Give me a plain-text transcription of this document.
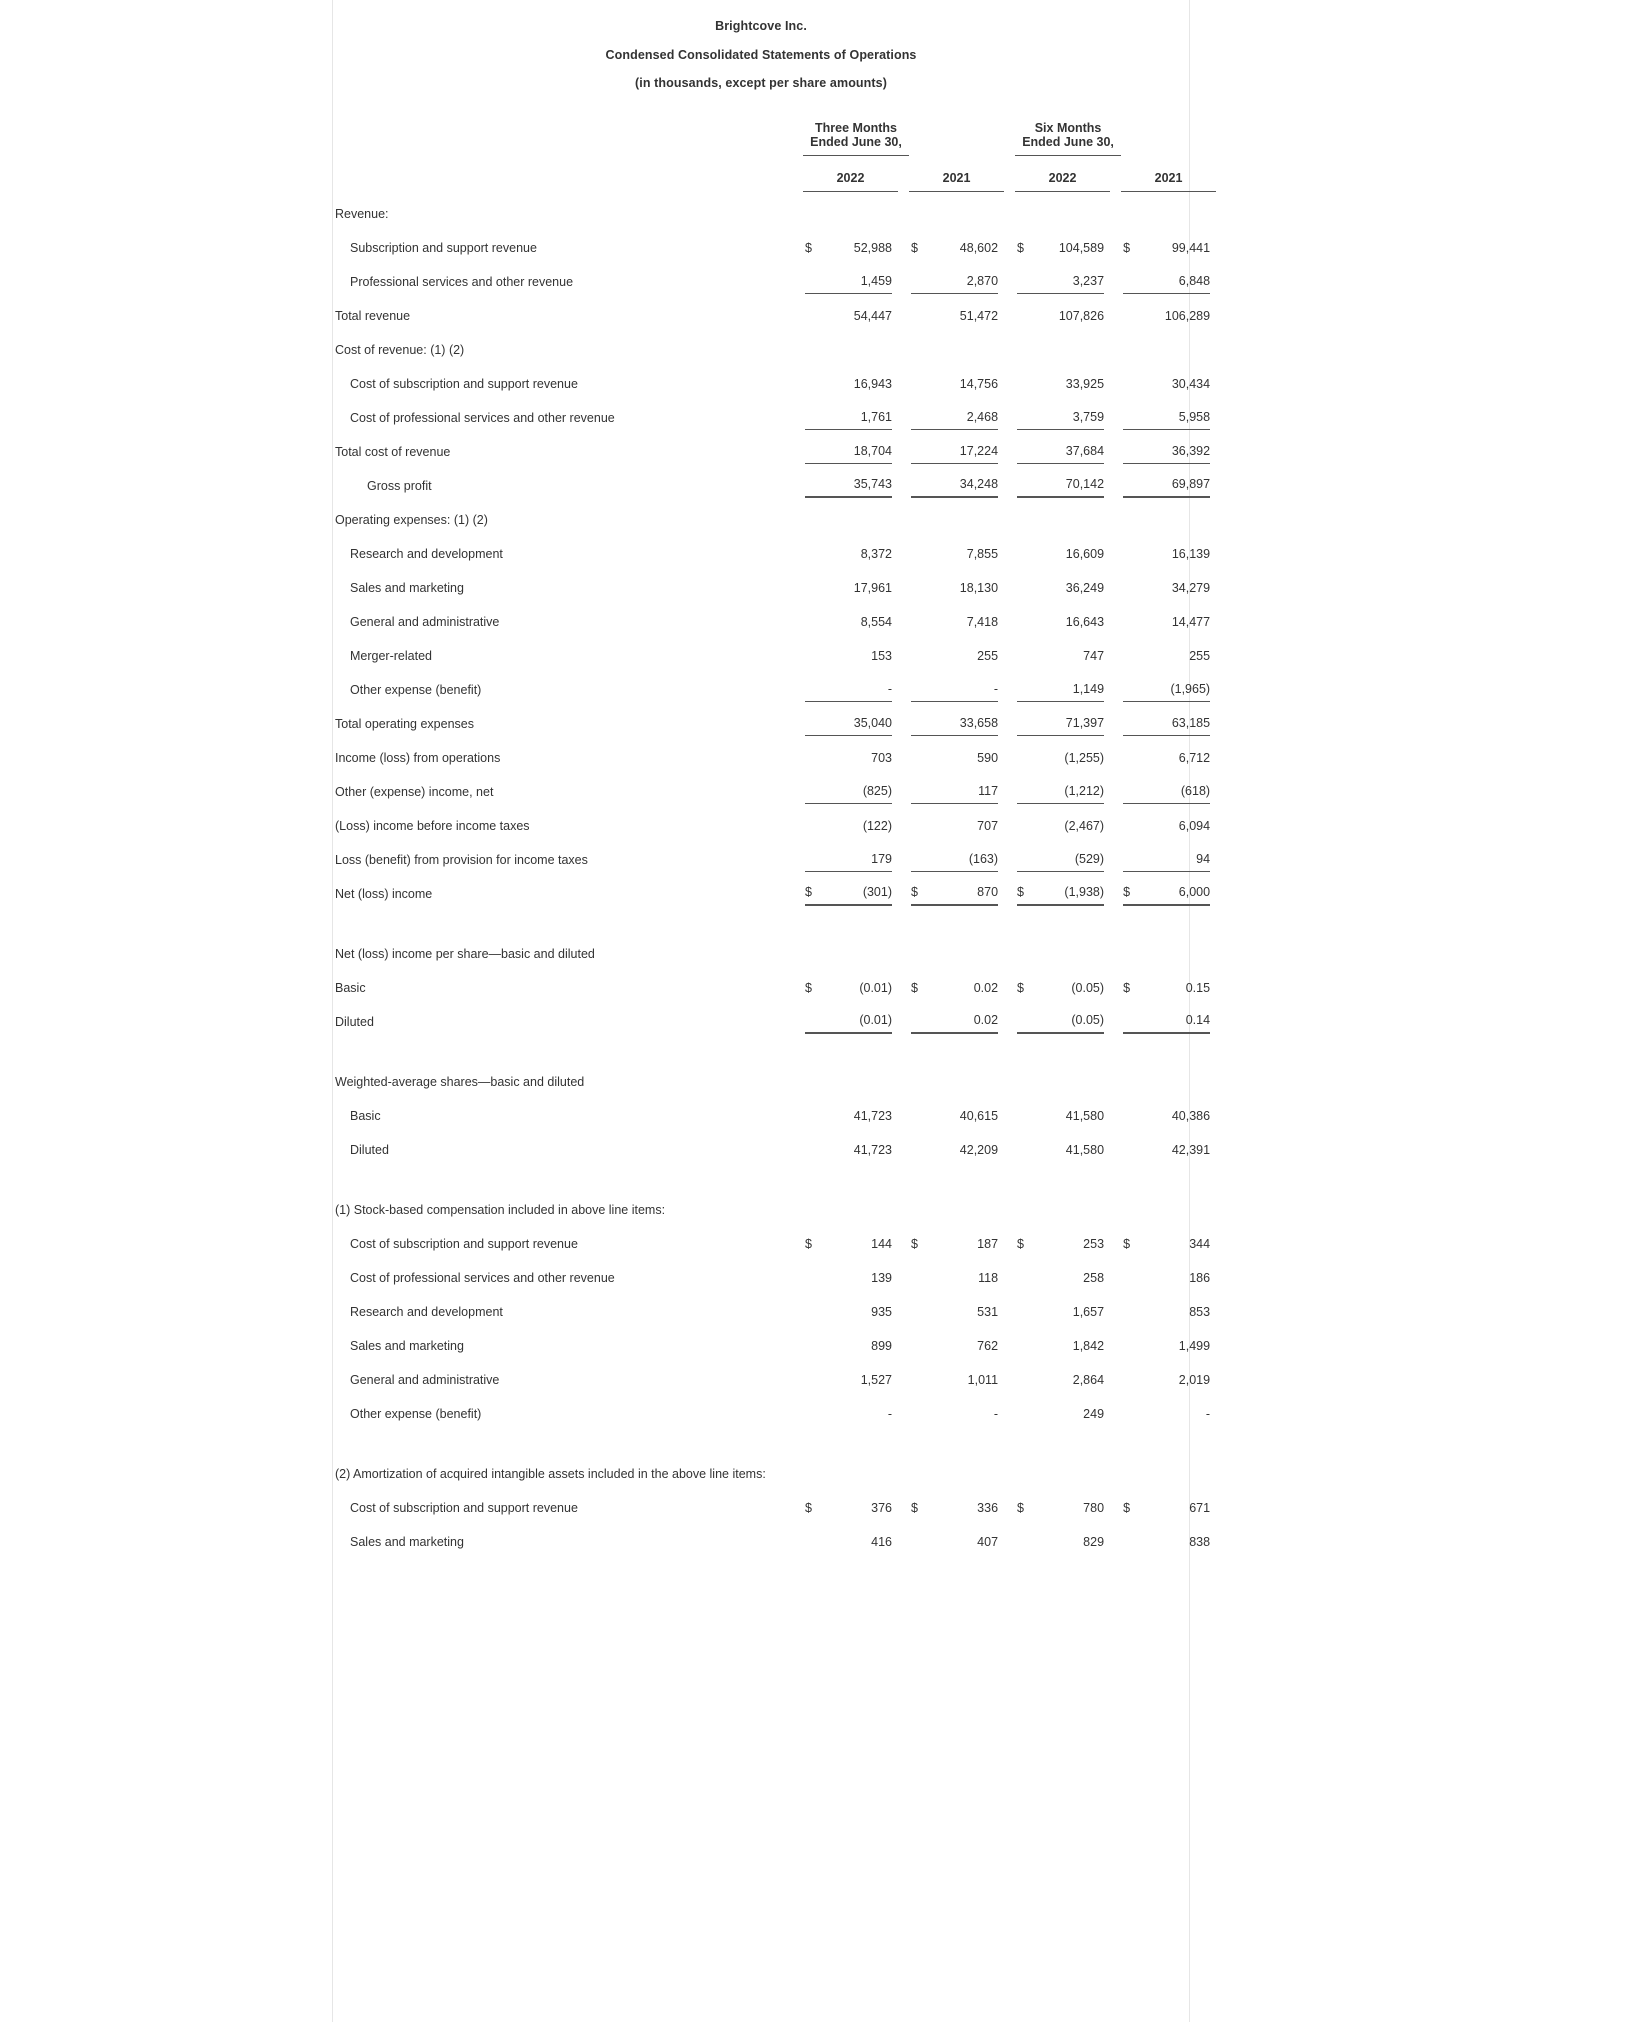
Brightcove Inc.
Condensed Consolidated Statements of Operations
(in thousands, except per share amounts)
	Three Months Ended June 30,						Six Months Ended June 30,				
	2022			2021			2022			2021	

Revenue:											

Subscription and support revenue	$	52,988		$	48,602		$	104,589		$	99,441

Professional services and other revenue		1,459			2,870			3,237			6,848

Total revenue		54,447			51,472			107,826			106,289

Cost of revenue: (1) (2)											

Cost of subscription and support revenue		16,943			14,756			33,925			30,434

Cost of professional services and other revenue		1,761			2,468			3,759			5,958

Total cost of revenue		18,704			17,224			37,684			36,392

Gross profit		35,743			34,248			70,142			69,897

Operating expenses: (1) (2)											

Research and development		8,372			7,855			16,609			16,139

Sales and marketing		17,961			18,130			36,249			34,279

General and administrative		8,554			7,418			16,643			14,477

Merger-related		153			255			747			255

Other expense (benefit)		-			-			1,149			(1,965)

Total operating expenses		35,040			33,658			71,397			63,185

Income (loss) from operations		703			590			(1,255)			6,712

Other (expense) income, net		(825)			117			(1,212)			(618)

(Loss) income before income taxes		(122)			707			(2,467)			6,094

Loss (benefit) from provision for income taxes		179			(163)			(529)			94

Net (loss) income	$	(301)		$	870		$	(1,938)		$	6,000

Net (loss) income per share—basic and diluted											

Basic	$	(0.01)		$	0.02		$	(0.05)		$	0.15

Diluted		(0.01)			0.02			(0.05)			0.14

Weighted-average shares—basic and diluted											

Basic		41,723			40,615			41,580			40,386

Diluted		41,723			42,209			41,580			42,391

(1) Stock-based compensation included in above line items:											

Cost of subscription and support revenue	$	144		$	187		$	253		$	344

Cost of professional services and other revenue		139			118			258			186

Research and development		935			531			1,657			853

Sales and marketing		899			762			1,842			1,499

General and administrative		1,527			1,011			2,864			2,019

Other expense (benefit)		-			-			249			-

(2) Amortization of acquired intangible assets included in the above line items:											

Cost of subscription and support revenue	$	376		$	336		$	780		$	671

Sales and marketing		416			407			829			838
